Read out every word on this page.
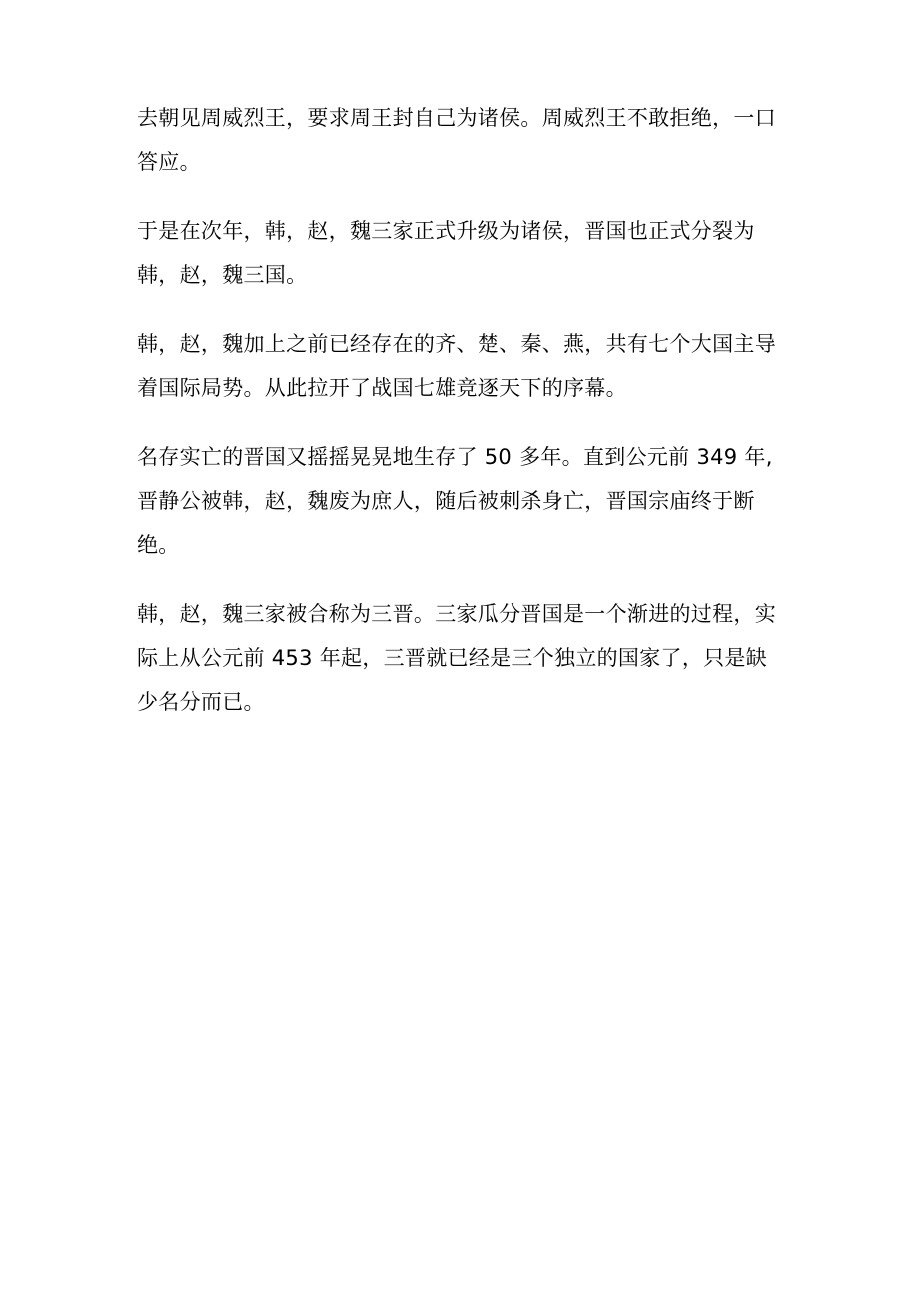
去朝见周威烈王，要求周王封自己为诸侯。周威烈王不敢拒绝，一口答应。

于是在次年，韩，赵，魏三家正式升级为诸侯，晋国也正式分裂为韩，赵，魏三国。

韩，赵，魏加上之前已经存在的齐、楚、秦、燕，共有七个大国主导着国际局势。从此拉开了战国七雄竞逐天下的序幕。

名存实亡的晋国又摇摇晃晃地生存了 50 多年。直到公元前 349 年, 晋静公被韩，赵，魏废为庶人，随后被刺杀身亡，晋国宗庙终于断绝。

韩，赵，魏三家被合称为三晋。三家瓜分晋国是一个渐进的过程，实际上从公元前 453 年起，三晋就已经是三个独立的国家了，只是缺少名分而已。
